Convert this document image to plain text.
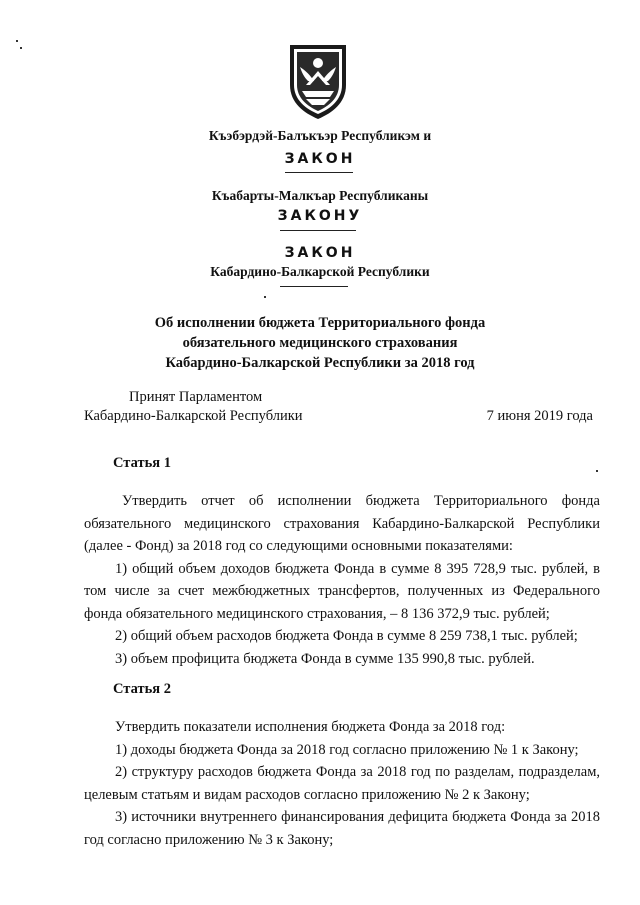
Къэбэрдэй-Балъкъэр Республикэм и
ЗАКОН
Къабарты-Малкъар Республиканы
ЗАКОНУ
ЗАКОН
Кабардино-Балкарской Республики
Об исполнении бюджета Территориального фонда
обязательного медицинского страхования
Кабардино-Балкарской Республики за 2018 год
Принят Парламентом
Кабардино-Балкарской Республики	7 июня 2019 года
Статья 1

Утвердить отчет об исполнении бюджета Территориального фонда обязательного медицинского страхования Кабардино-Балкарской Республики (далее - Фонд) за 2018 год со следующими основными показателями:

1) общий объем доходов бюджета Фонда в сумме 8 395 728,9 тыс. рублей, в том числе за счет межбюджетных трансфертов, полученных из Федерального фонда обязательного медицинского страхования, – 8 136 372,9 тыс. рублей;

2) общий объем расходов бюджета Фонда в сумме 8 259 738,1 тыс. рублей;

3) объем профицита бюджета Фонда в сумме 135 990,8 тыс. рублей.

Статья 2

Утвердить показатели исполнения бюджета Фонда за 2018 год:

1) доходы бюджета Фонда за 2018 год согласно приложению № 1 к Закону;

2) структуру расходов бюджета Фонда за 2018 год по разделам, подразделам, целевым статьям и видам расходов согласно приложению № 2 к Закону;

3) источники внутреннего финансирования дефицита бюджета Фонда за 2018 год согласно приложению № 3 к Закону;
